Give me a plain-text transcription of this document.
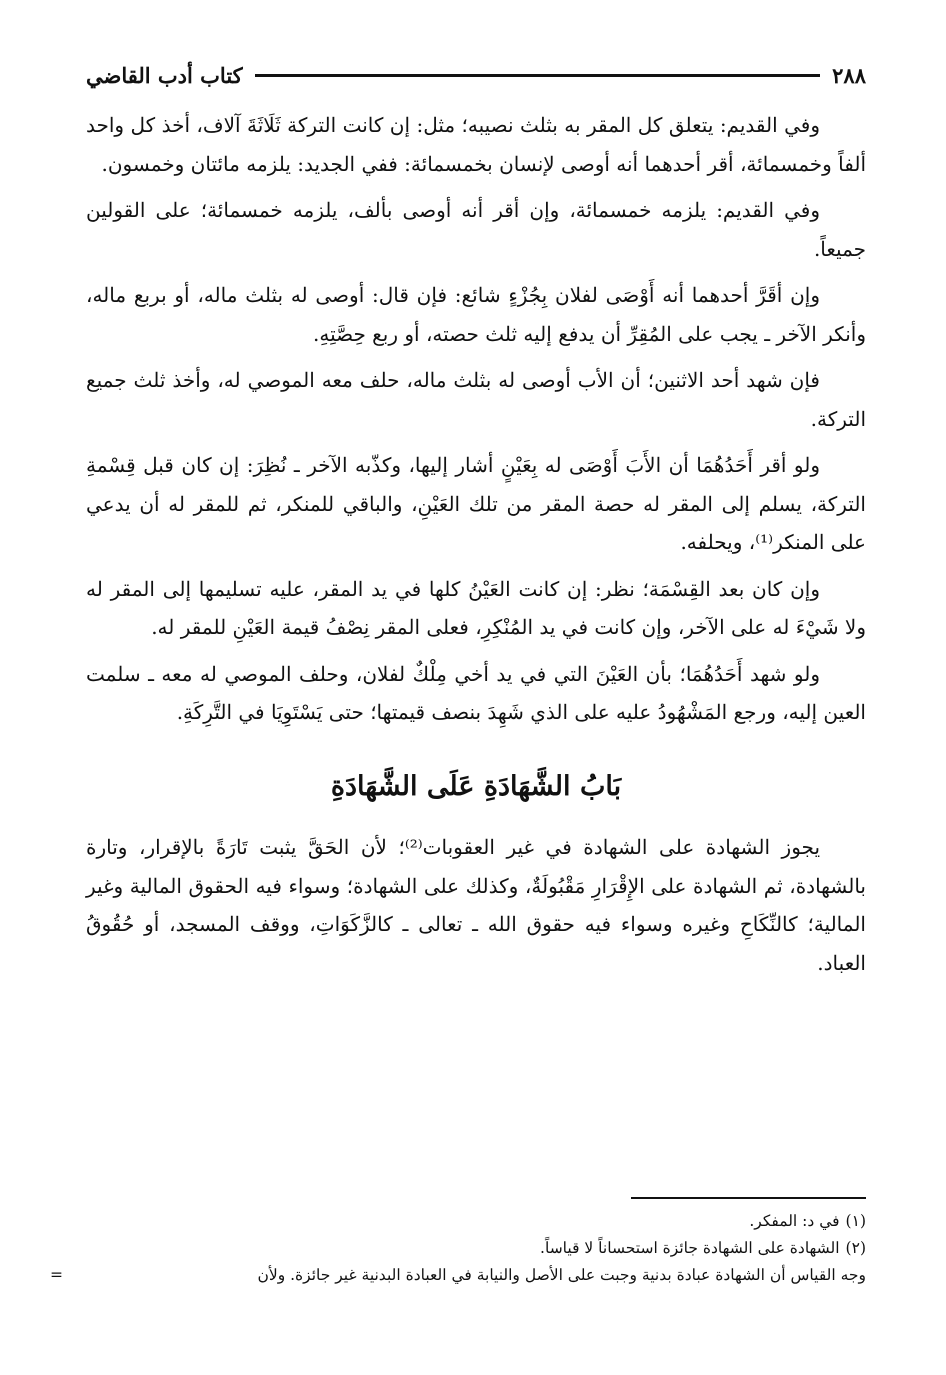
٢٨٨
كتاب أدب القاضي

وفي القديم: يتعلق كل المقر به بثلث نصيبه؛ مثل: إن كانت التركة ثَلَاثَةَ آلاف، أخذ كل واحد ألفاً وخمسمائة، أقر أحدهما أنه أوصى لإنسان بخمسمائة: ففي الجديد: يلزمه مائتان وخمسون.

وفي القديم: يلزمه خمسمائة، وإن أقر أنه أوصى بألف، يلزمه خمسمائة؛ على القولين جميعاً.

وإن أقَرَّ أحدهما أنه أَوْصَى لفلان بِجُزْءٍ شائع: فإن قال: أوصى له بثلث ماله، أو بربع ماله، وأنكر الآخر ـ يجب على المُقِرِّ أن يدفع إليه ثلث حصته، أو ربع حِصَّتِهِ.

فإن شهد أحد الاثنين؛ أن الأب أوصى له بثلث ماله، حلف معه الموصي له، وأخذ ثلث جميع التركة.

ولو أقر أَحَدُهُمَا أن الأَبَ أَوْصَى له بِعَيْنٍ أشار إليها، وكذّبه الآخر ـ نُظِرَ: إن كان قبل قِسْمةِ التركة، يسلم إلى المقر له حصة المقر من تلك العَيْنِ، والباقي للمنكر، ثم للمقر له أن يدعي على المنكر⁽¹⁾، ويحلفه.

وإن كان بعد القِسْمَة؛ نظر: إن كانت العَيْنُ كلها في يد المقر، عليه تسليمها إلى المقر له ولا شَيْءَ له على الآخر، وإن كانت في يد المُنْكِرِ، فعلى المقر نِصْفُ قيمة العَيْنِ للمقر له.

ولو شهد أَحَدُهُمَا؛ بأن العَيْنَ التي في يد أخي مِلْكٌ لفلان، وحلف الموصي له معه ـ سلمت العين إليه، ورجع المَشْهُودُ عليه على الذي شَهِدَ بنصف قيمتها؛ حتى يَسْتَوِيَا في التَّرِكَةِ.

بَابُ الشَّهَادَةِ عَلَى الشَّهَادَةِ

يجوز الشهادة على الشهادة في غير العقوبات⁽²⁾؛ لأن الحَقَّ يثبت تَارَةً بالإقرار، وتارة بالشهادة، ثم الشهادة على الإِقْرَارِ مَقْبُولَةٌ، وكذلك على الشهادة؛ وسواء فيه الحقوق المالية وغير المالية؛ كالنِّكَاحِ وغيره وسواء فيه حقوق الله ـ تعالى ـ كالزَّكَوَاتِ، ووقف المسجد، أو حُقُوقُ العباد.

(١)في د: المفكر.

(٢)الشهادة على الشهادة جائزة استحساناً لا قياساً.

وجه القياس أن الشهادة عبادة بدنية وجبت على الأصل والنيابة في العبادة البدنية غير جائزة. ولأن
=
